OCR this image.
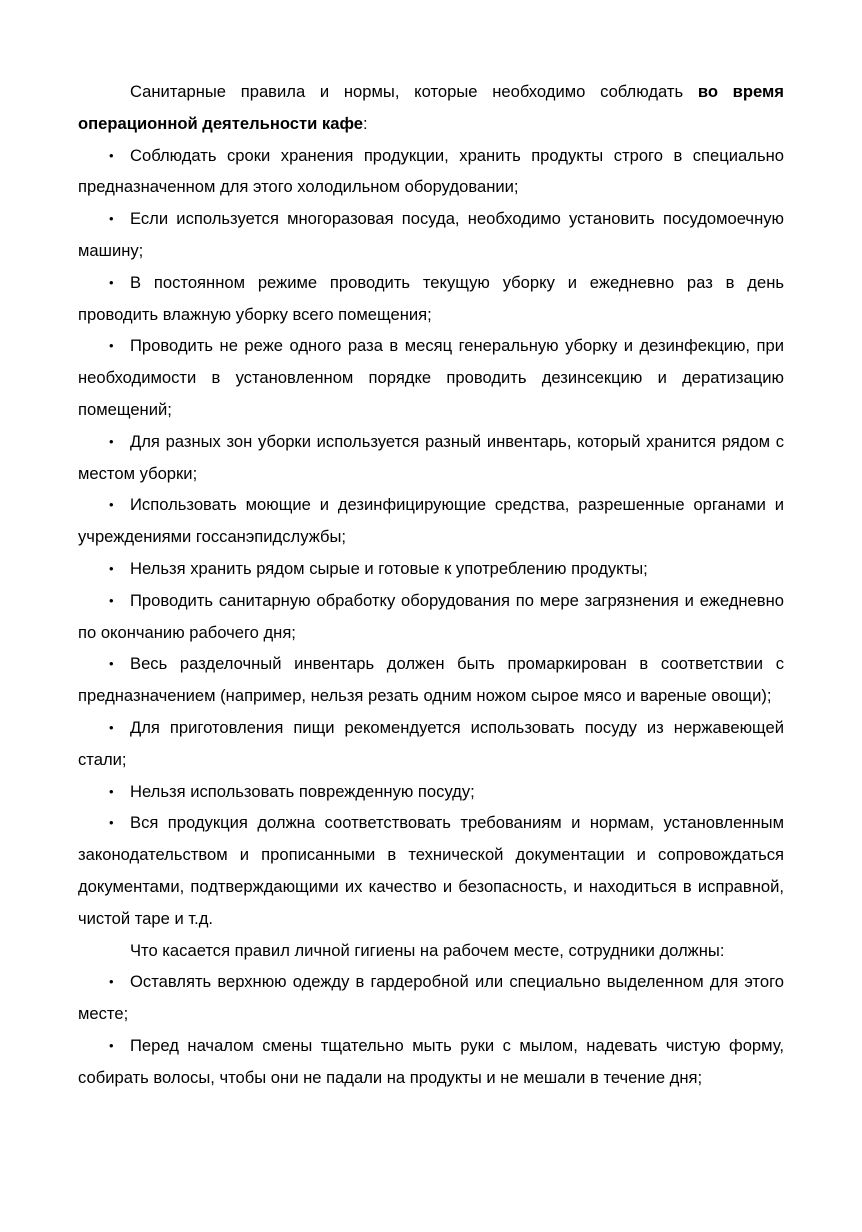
Санитарные правила и нормы, которые необходимо соблюдать во время операционной деятельности кафе:

• Соблюдать сроки хранения продукции, хранить продукты строго в специально предназначенном для этого холодильном оборудовании;

• Если используется многоразовая посуда, необходимо установить посудомоечную машину;

• В постоянном режиме проводить текущую уборку и ежедневно раз в день проводить влажную уборку всего помещения;

• Проводить не реже одного раза в месяц генеральную уборку и дезинфекцию, при необходимости в установленном порядке проводить дезинсекцию и дератизацию помещений;

• Для разных зон уборки используется разный инвентарь, который хранится рядом с местом уборки;

• Использовать моющие и дезинфицирующие средства, разрешенные органами и учреждениями госсанэпидслужбы;

• Нельзя хранить рядом сырые и готовые к употреблению продукты;

• Проводить санитарную обработку оборудования по мере загрязнения и ежедневно по окончанию рабочего дня;

• Весь разделочный инвентарь должен быть промаркирован в соответствии с предназначением (например, нельзя резать одним ножом сырое мясо и вареные овощи);

• Для приготовления пищи рекомендуется использовать посуду из нержавеющей стали;

• Нельзя использовать поврежденную посуду;

• Вся продукция должна соответствовать требованиям и нормам, установленным законодательством и прописанными в технической документации и сопровождаться документами, подтверждающими их качество и безопасность, и находиться в исправной, чистой таре и т.д.

Что касается правил личной гигиены на рабочем месте, сотрудники должны:

• Оставлять верхнюю одежду в гардеробной или специально выделенном для этого месте;

• Перед началом смены тщательно мыть руки с мылом, надевать чистую форму, собирать волосы, чтобы они не падали на продукты и не мешали в течение дня;
